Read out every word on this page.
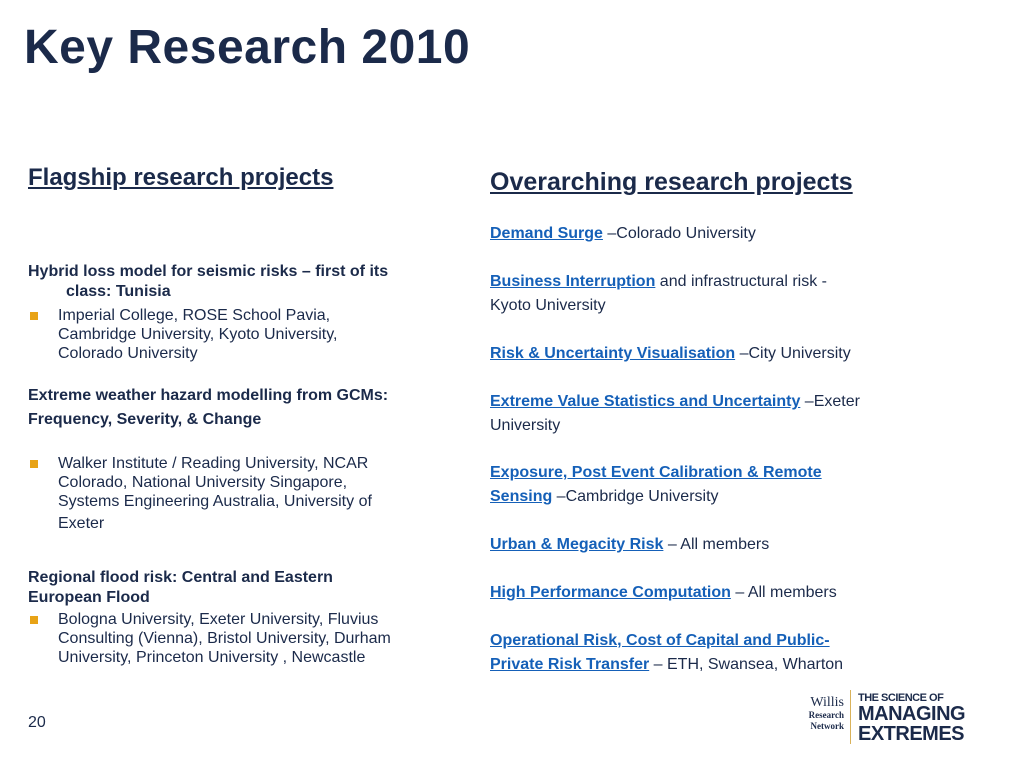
Key Research 2010
Flagship research projects
Hybrid loss model for seismic risks – first of its
class: Tunisia
Imperial College, ROSE School Pavia,
Cambridge University, Kyoto University,
Colorado University
Extreme weather hazard modelling from GCMs:
Frequency, Severity, & Change
Walker Institute / Reading University, NCAR
Colorado, National University Singapore,
Systems Engineering Australia, University of
Exeter
Regional flood risk: Central and Eastern
European Flood
Bologna University, Exeter University, Fluvius
Consulting (Vienna), Bristol University, Durham
University, Princeton University , Newcastle
Overarching research projects
Demand Surge –Colorado University
Business Interruption and infrastructural risk -
Kyoto University
Risk & Uncertainty Visualisation –City University
Extreme Value Statistics and Uncertainty –Exeter
University
Exposure, Post Event Calibration & Remote
Sensing –Cambridge University
Urban & Megacity Risk – All members
High Performance Computation – All members
Operational Risk, Cost of Capital and Public-
Private Risk Transfer – ETH, Swansea, Wharton
20
Willis
Research
Network
THE SCIENCE OF
MANAGING
EXTREMES
